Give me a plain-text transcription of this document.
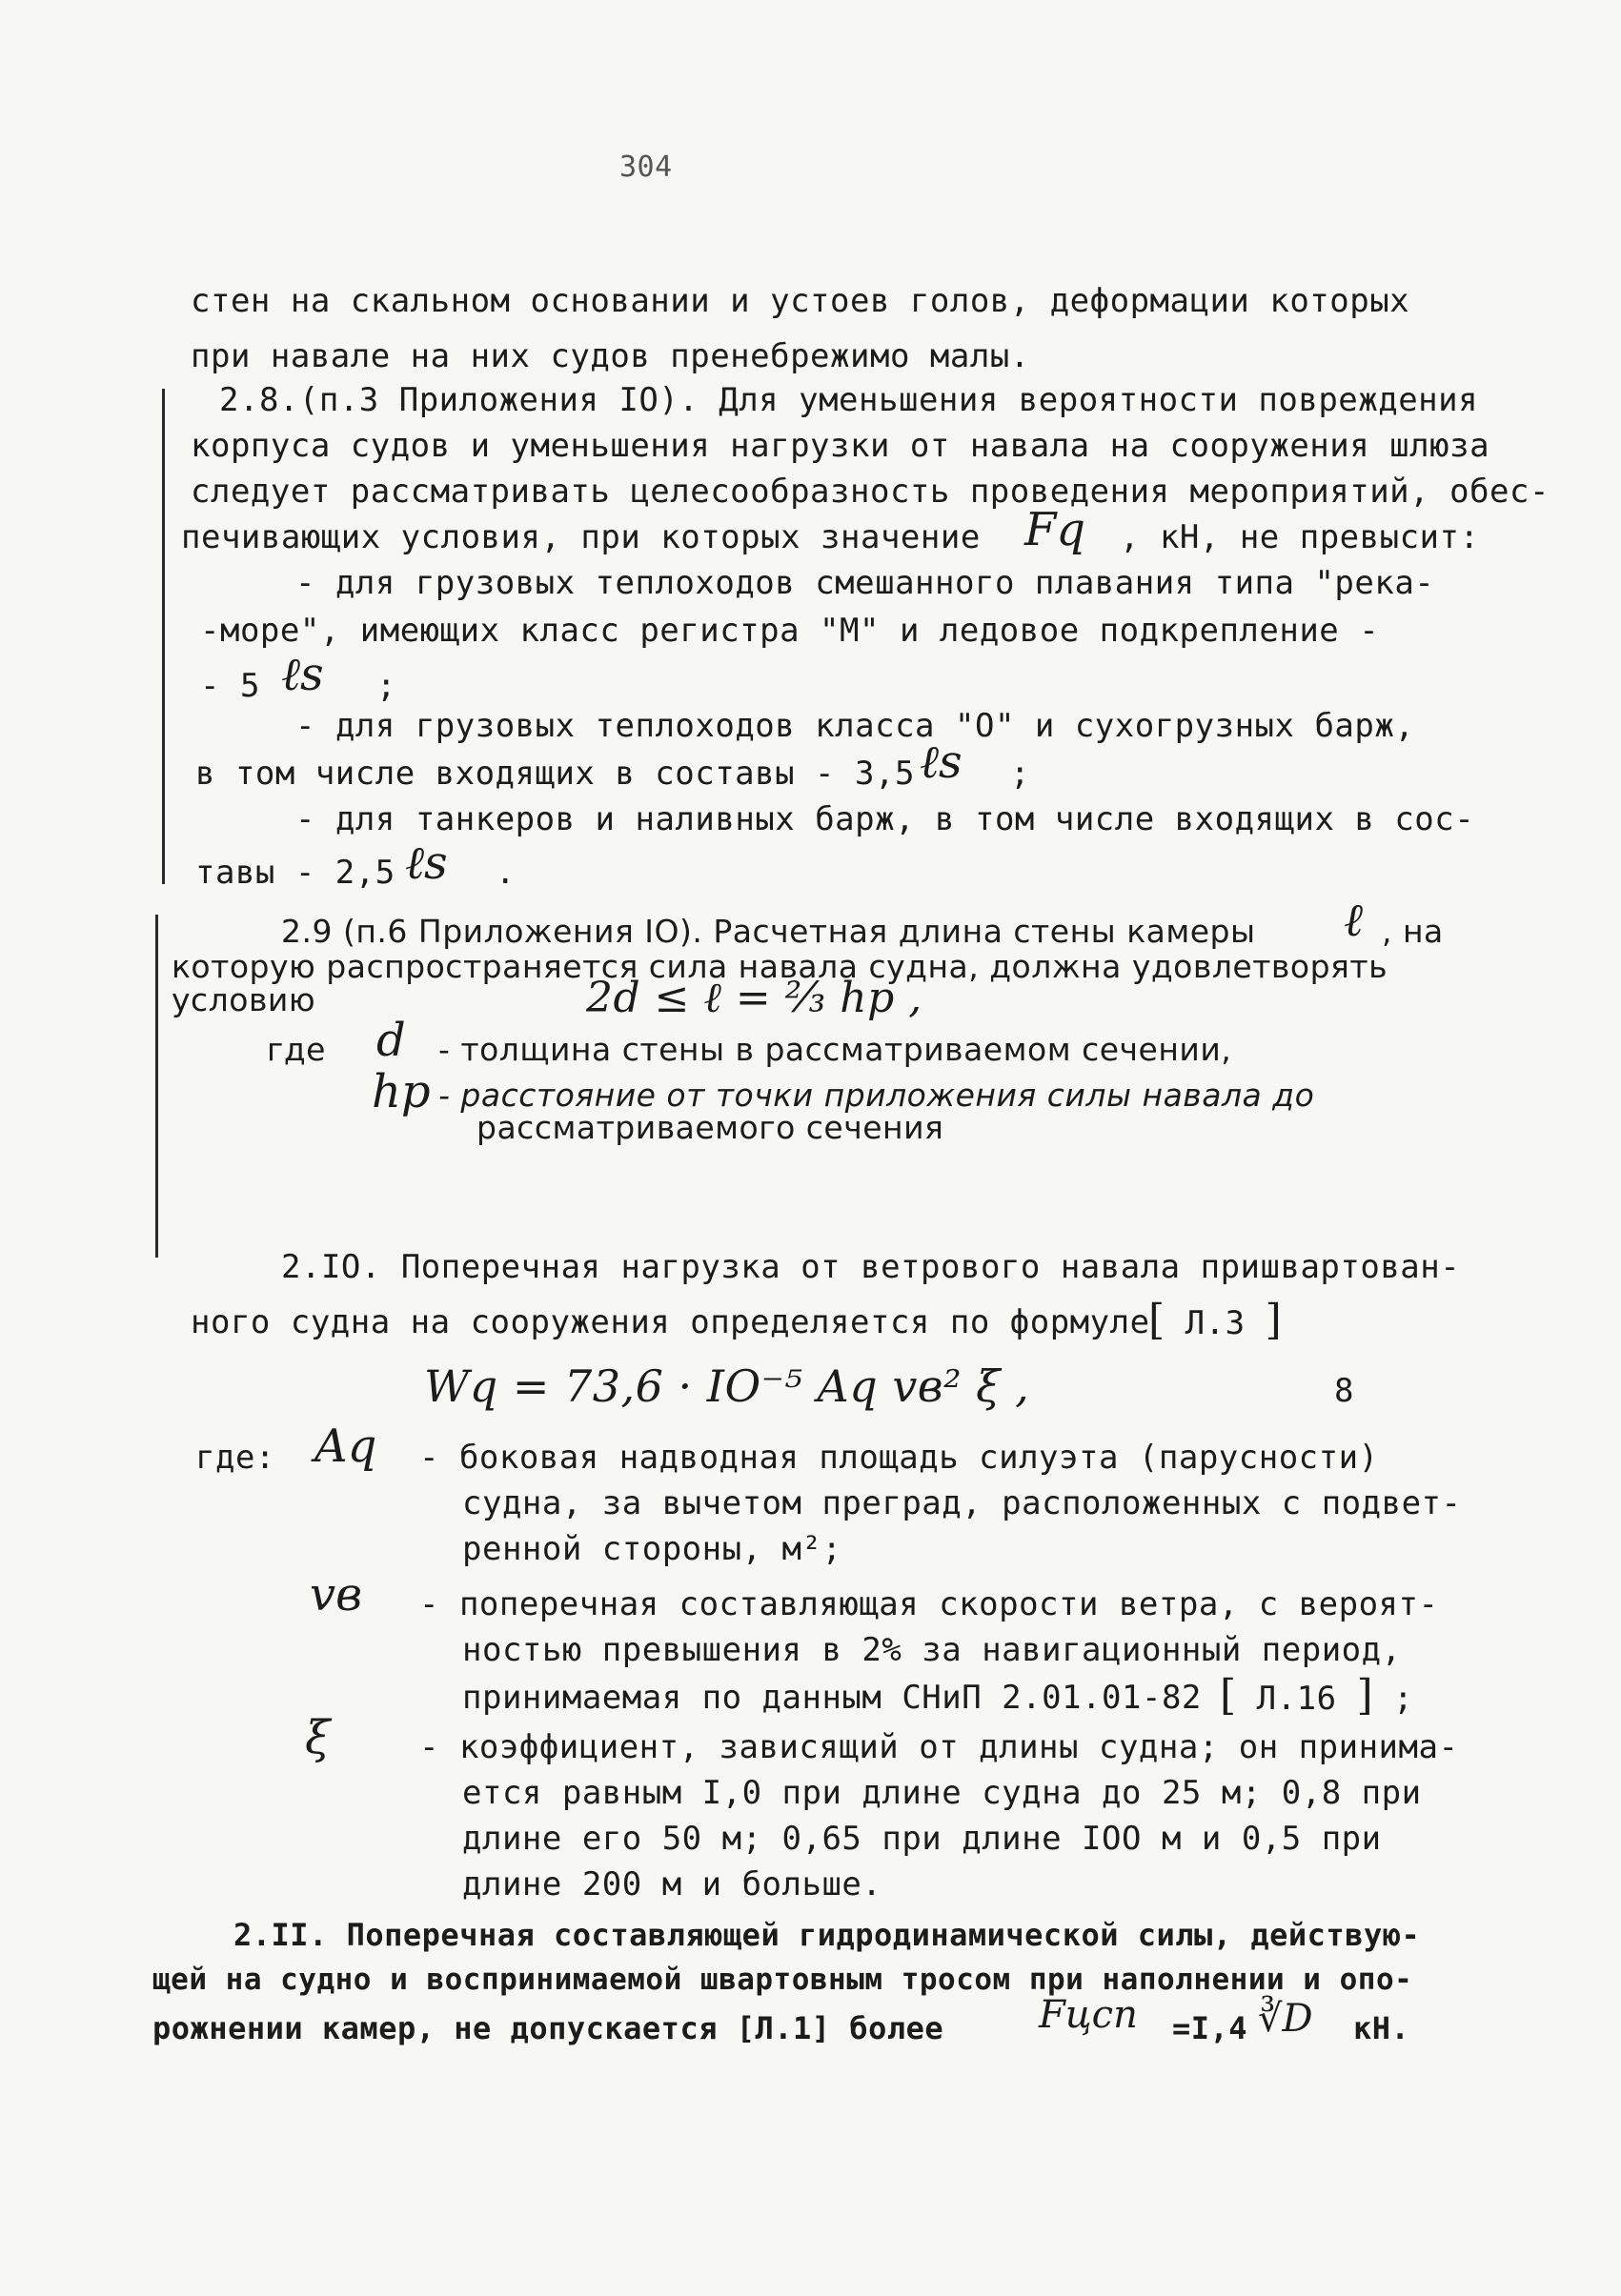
304
стен на скальном основании и устоев голов, деформации которых
при навале на них судов пренебрежимо малы.
2.8.(п.3 Приложения IO). Для уменьшения вероятности повреждения
корпуса судов и уменьшения нагрузки от навала на сооружения шлюза
следует рассматривать целесообразность проведения мероприятий, обес-
печивающих условия, при которых значение Fq , кН, не превысит:
- для грузовых теплоходов смешанного плавания типа "река-
-море", имеющих класс регистра "М" и ледовое подкрепление -
- 5 ℓs ;
- для грузовых теплоходов класса "О" и сухогрузных барж,
в том числе входящих в составы - 3,5 ℓs ;
- для танкеров и наливных барж, в том числе входящих в сос-
тавы - 2,5 ℓs .
2.9 (п.6 Приложения IO). Расчетная длина стены камеры ℓ , на
которую распространяется сила навала судна, должна удовлетворять
условию	2d ≤ ℓ = ⅔ hp ,
где d - толщина стены в рассматриваемом сечении,
hp - расстояние от точки приложения силы навала до
рассматриваемого сечения
2.IO. Поперечная нагрузка от ветрового навала пришвартован-
ного судна на сооружения определяется по формуле
[ Л.3 ]
Wq = 73,6 · IO⁻⁵ Aq vв² ξ ,	8
где: Aq - боковая надводная площадь силуэта (парусности)
судна, за вычетом преград, расположенных с подвет-
ренной стороны, м²;
vв - поперечная составляющая скорости ветра, с вероят-
ностью превышения в 2% за навигационный период,
принимаемая по данным СНиП 2.01.01-82 [ Л.16 ] ;
ξ	- коэффициент, зависящий от длины судна; он принима-
ется равным I,0 при длине судна до 25 м; 0,8 при
длине его 50 м; 0,65 при длине IOO м и 0,5 при
длине 200 м и больше.
2.II. Поперечная составляющей гидродинамической силы, действую-
щей на судно и воспринимаемой швартовным тросом при наполнении и опо-
рожнении камер, не допускается [Л.1] более Fцсп =I,4 ∛D кН.
